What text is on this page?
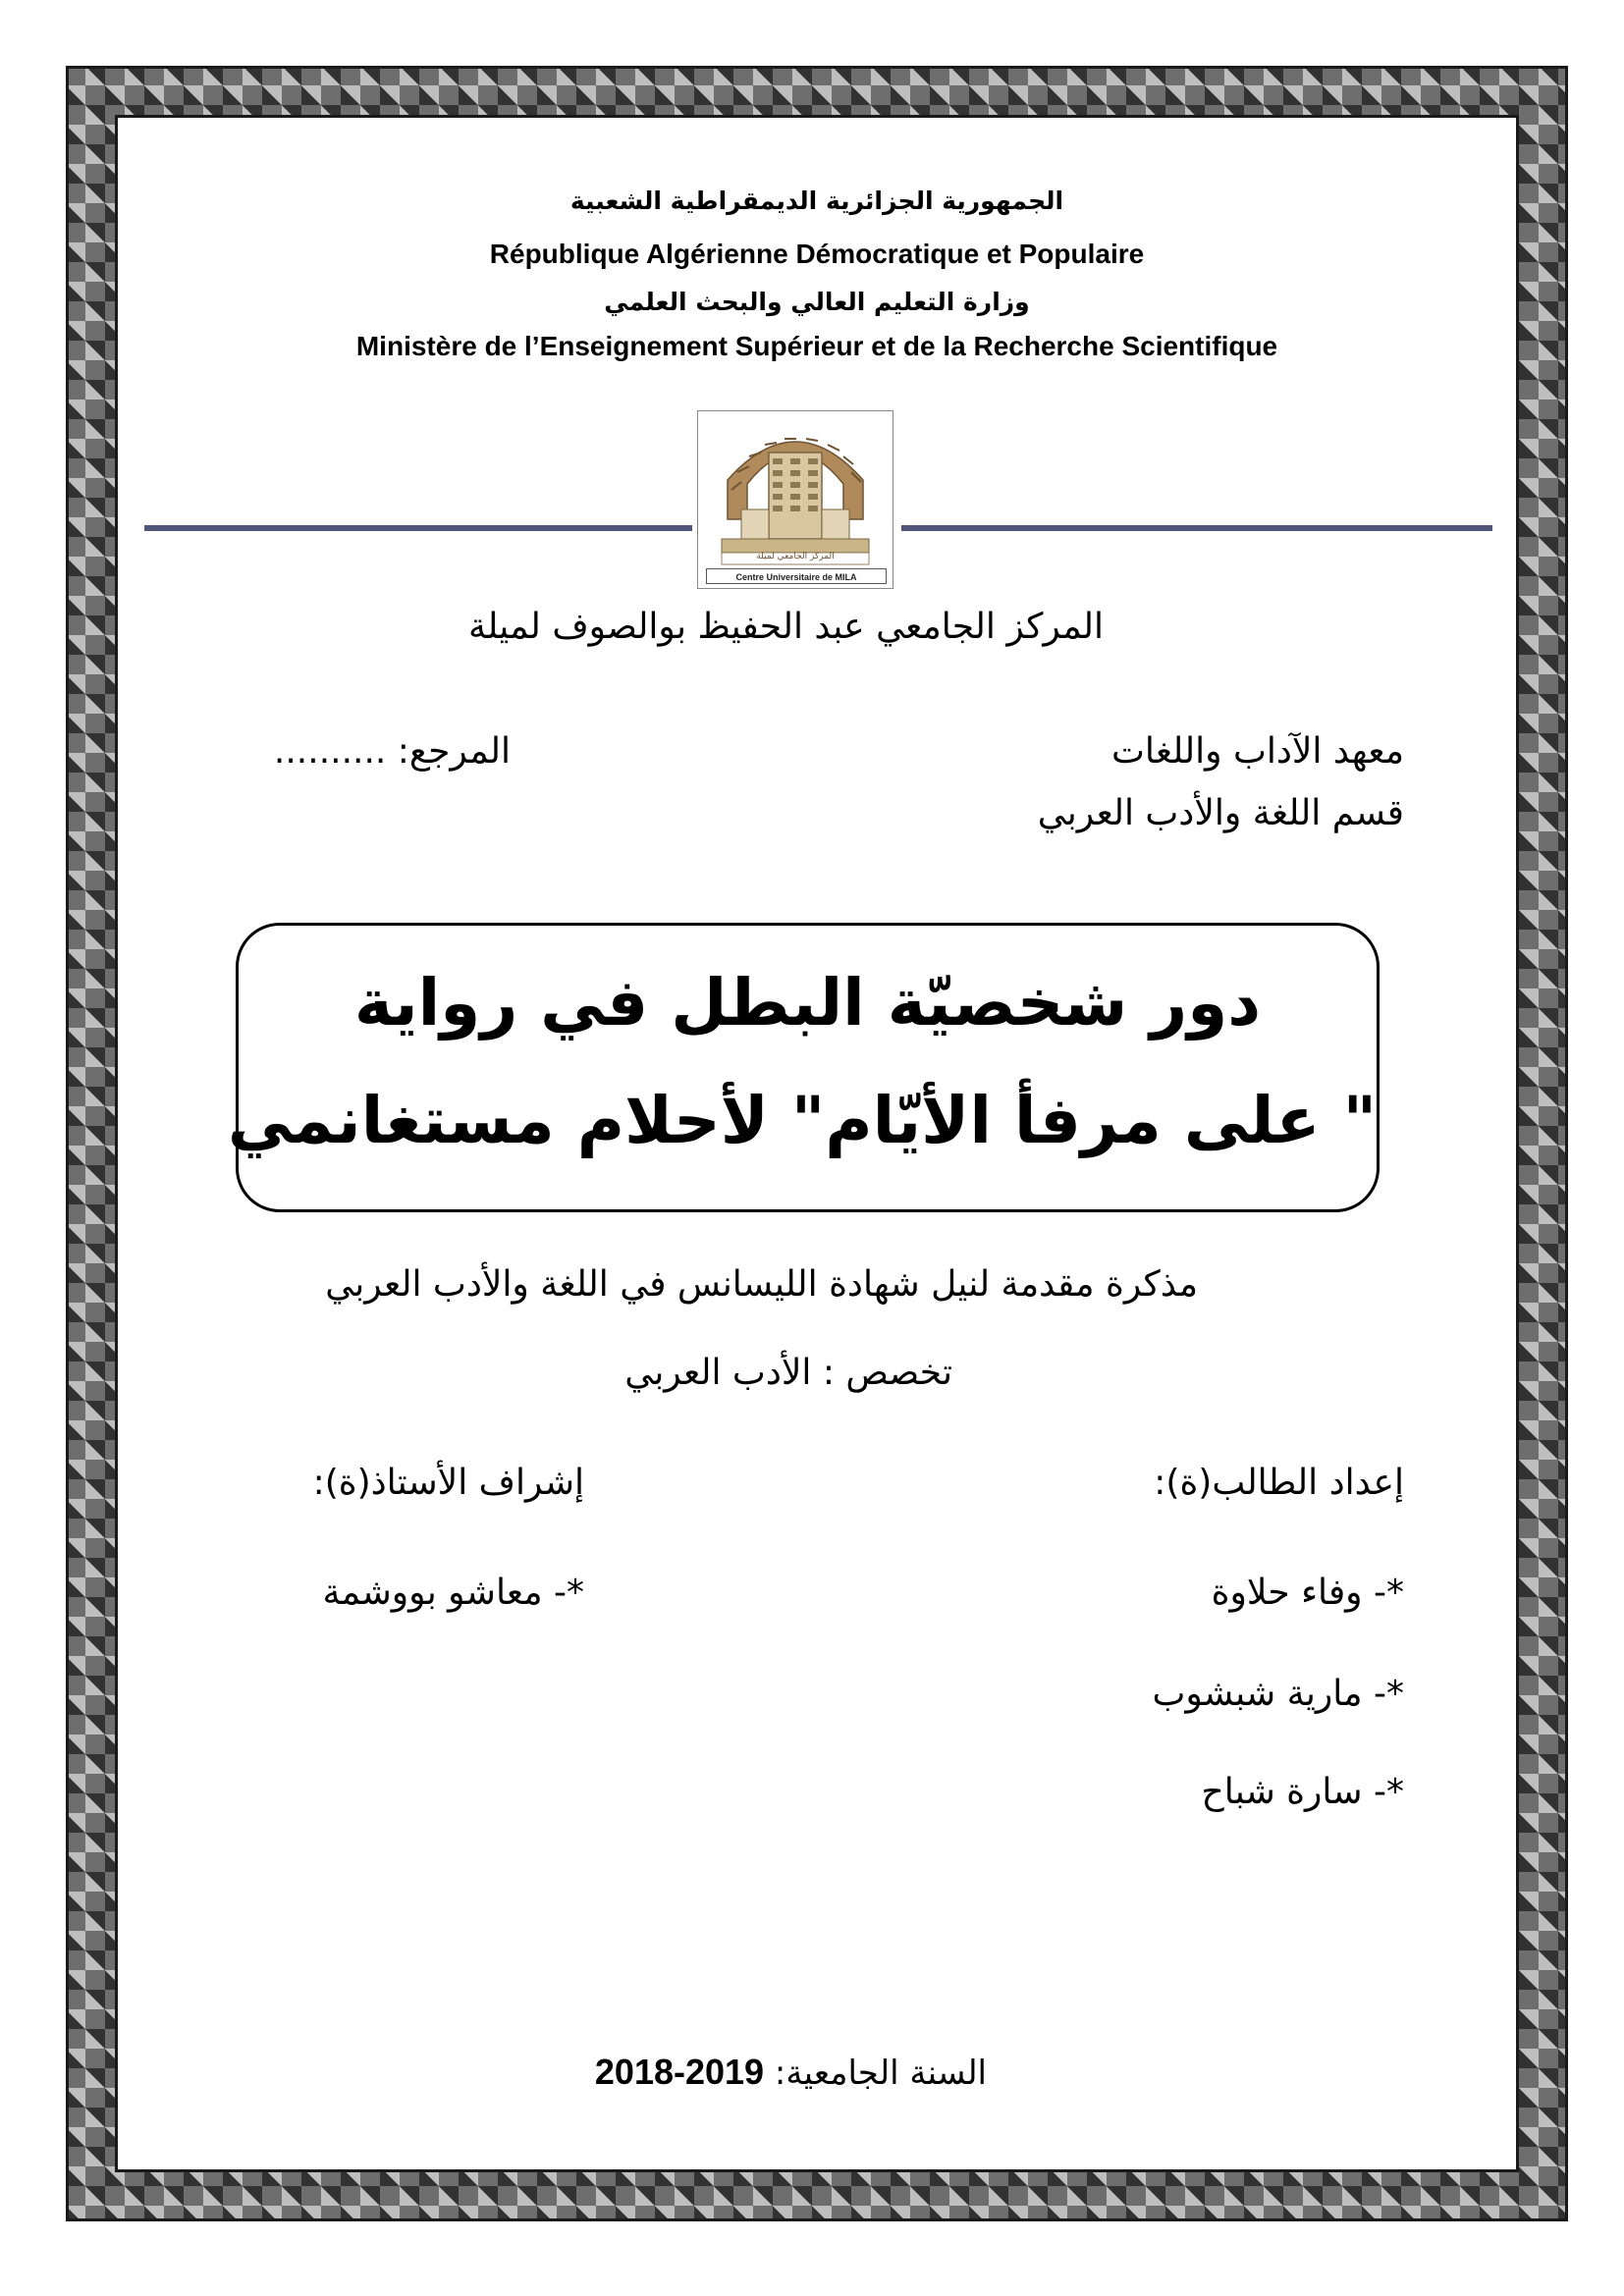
الجمهورية الجزائرية الديمقراطية الشعبية
République Algérienne Démocratique et Populaire
وزارة التعليم العالي والبحث العلمي
Ministère de l’Enseignement Supérieur et de la Recherche Scientifique
المركز الجامعي لميلة
Centre Universitaire de MILA
المركز الجامعي عبد الحفيظ بوالصوف لميلة
معهد الآداب واللغات
المرجع: ..........
قسم اللغة والأدب العربي
دور شخصيّة البطل في رواية
" على مرفأ الأيّام" لأحلام مستغانمي
مذكرة مقدمة لنيل شهادة الليسانس في اللغة والأدب العربي
تخصص : الأدب العربي
إعداد الطالب(ة):
إشراف الأستاذ(ة):
*- وفاء حلاوة
*- معاشو بووشمة
*- مارية شبشوب
*- سارة شباح
السنة الجامعية: 2018-2019
